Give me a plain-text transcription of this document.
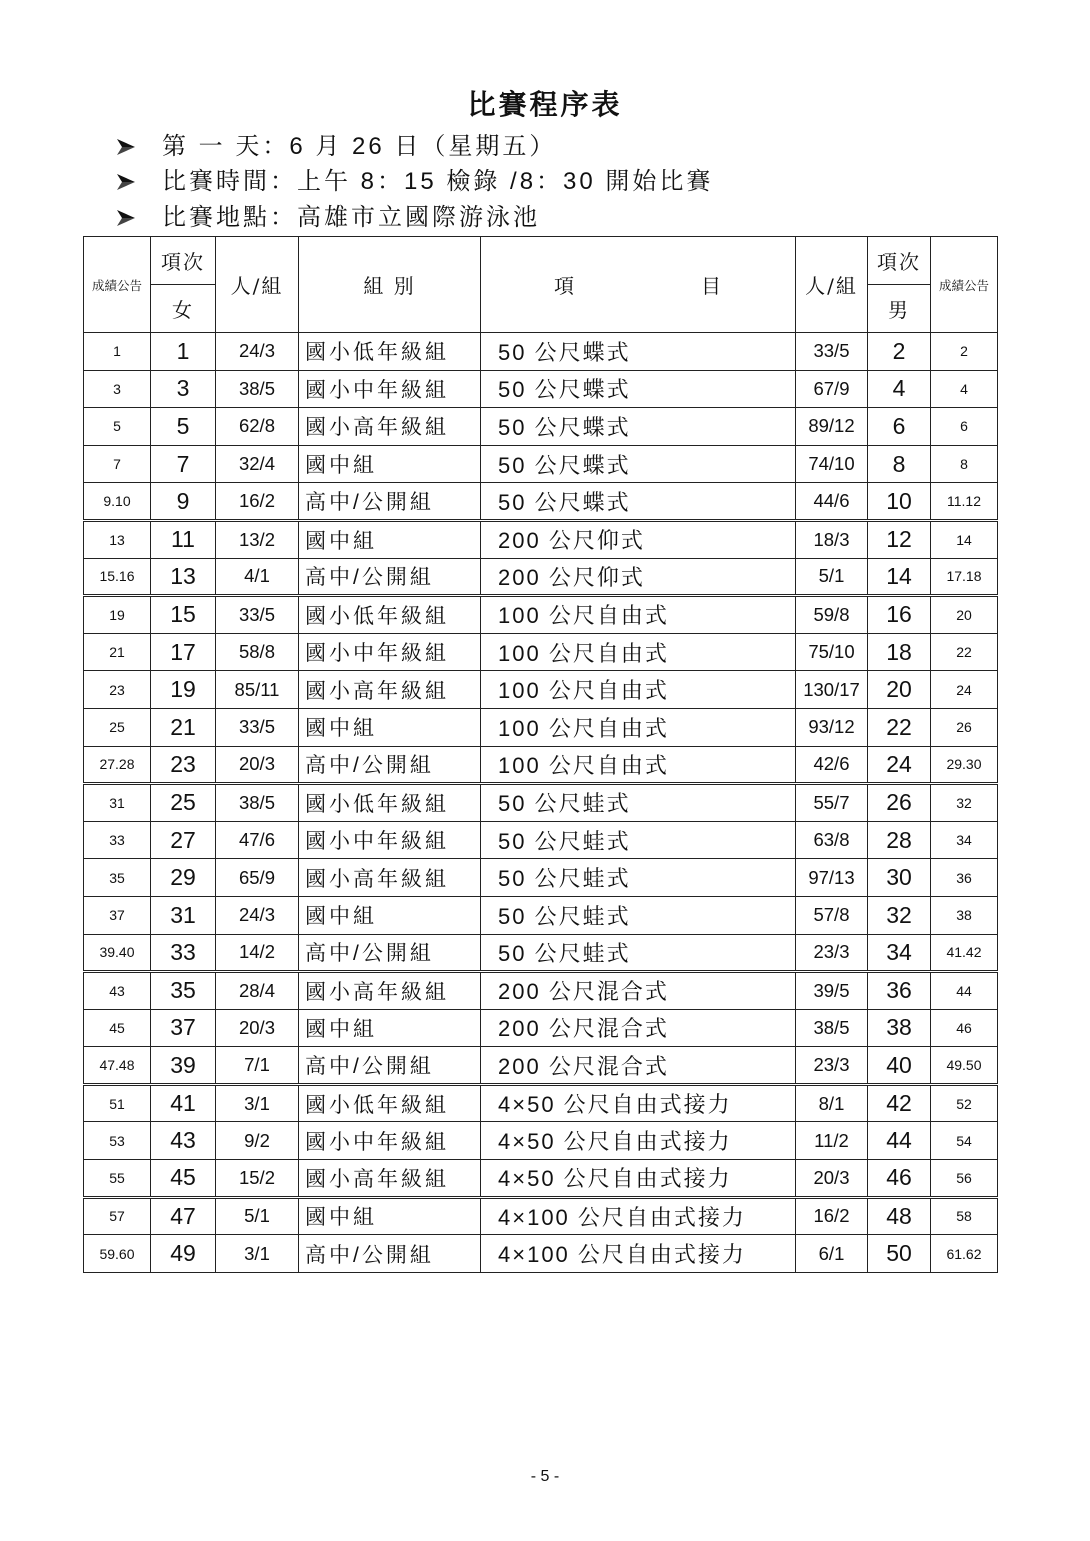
比賽程序表
第 一 天：6 月 26 日（星期五）
比賽時間：上午 8：15 檢錄 /8：30 開始比賽
比賽地點：高雄市立國際游泳池
成績公告	項次	人/組	組 別	項　　　　　　目	人/組	項次	成績公告
	女					男	
1	1	24/3	國小低年級組	50 公尺蝶式	33/5	2	2
3	3	38/5	國小中年級組	50 公尺蝶式	67/9	4	4
5	5	62/8	國小高年級組	50 公尺蝶式	89/12	6	6
7	7	32/4	國中組	50 公尺蝶式	74/10	8	8
9.10	9	16/2	高中/公開組	50 公尺蝶式	44/6	10	11.12
13	11	13/2	國中組	200 公尺仰式	18/3	12	14
15.16	13	4/1	高中/公開組	200 公尺仰式	5/1	14	17.18
19	15	33/5	國小低年級組	100 公尺自由式	59/8	16	20
21	17	58/8	國小中年級組	100 公尺自由式	75/10	18	22
23	19	85/11	國小高年級組	100 公尺自由式	130/17	20	24
25	21	33/5	國中組	100 公尺自由式	93/12	22	26
27.28	23	20/3	高中/公開組	100 公尺自由式	42/6	24	29.30
31	25	38/5	國小低年級組	50 公尺蛙式	55/7	26	32
33	27	47/6	國小中年級組	50 公尺蛙式	63/8	28	34
35	29	65/9	國小高年級組	50 公尺蛙式	97/13	30	36
37	31	24/3	國中組	50 公尺蛙式	57/8	32	38
39.40	33	14/2	高中/公開組	50 公尺蛙式	23/3	34	41.42
43	35	28/4	國小高年級組	200 公尺混合式	39/5	36	44
45	37	20/3	國中組	200 公尺混合式	38/5	38	46
47.48	39	7/1	高中/公開組	200 公尺混合式	23/3	40	49.50
51	41	3/1	國小低年級組	4×50 公尺自由式接力	8/1	42	52
53	43	9/2	國小中年級組	4×50 公尺自由式接力	11/2	44	54
55	45	15/2	國小高年級組	4×50 公尺自由式接力	20/3	46	56
57	47	5/1	國中組	4×100 公尺自由式接力	16/2	48	58
59.60	49	3/1	高中/公開組	4×100 公尺自由式接力	6/1	50	61.62
- 5 -
